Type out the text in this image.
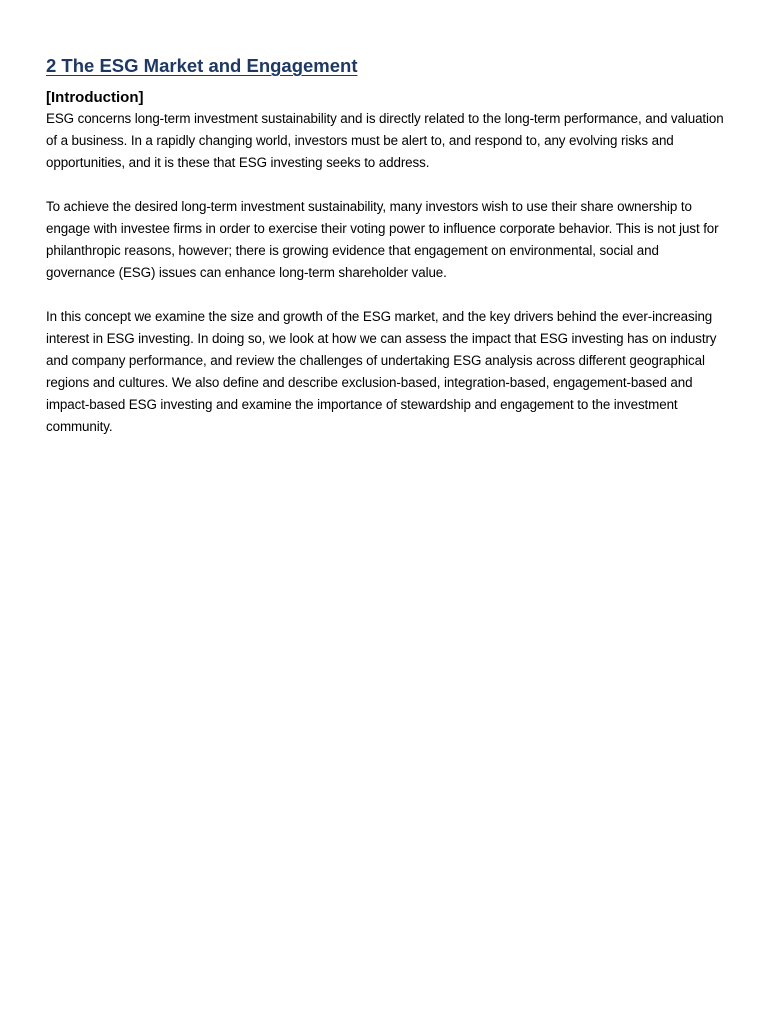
2 The ESG Market and Engagement
[Introduction]

ESG concerns long-term investment sustainability and is directly related to the long-term performance, and valuation of a business. In a rapidly changing world, investors must be alert to, and respond to, any evolving risks and opportunities, and it is these that ESG investing seeks to address.

To achieve the desired long-term investment sustainability, many investors wish to use their share ownership to engage with investee firms in order to exercise their voting power to influence corporate behavior. This is not just for philanthropic reasons, however; there is growing evidence that engagement on environmental, social and governance (ESG) issues can enhance long-term shareholder value.

In this concept we examine the size and growth of the ESG market, and the key drivers behind the ever-increasing interest in ESG investing. In doing so, we look at how we can assess the impact that ESG investing has on industry and company performance, and review the challenges of undertaking ESG analysis across different geographical regions and cultures. We also define and describe exclusion-based, integration-based, engagement-based and impact-based ESG investing and examine the importance of stewardship and engagement to the investment community.
